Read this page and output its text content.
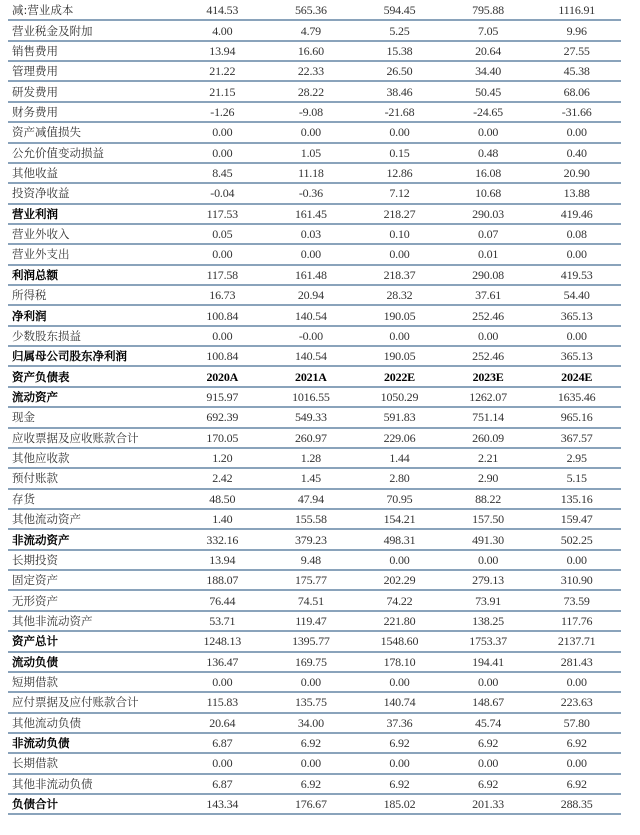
减:营业成本	414.53	565.36	594.45	795.88	1116.91
营业税金及附加	4.00	4.79	5.25	7.05	9.96
销售费用	13.94	16.60	15.38	20.64	27.55
管理费用	21.22	22.33	26.50	34.40	45.38
研发费用	21.15	28.22	38.46	50.45	68.06
财务费用	-1.26	-9.08	-21.68	-24.65	-31.66
资产减值损失	0.00	0.00	0.00	0.00	0.00
公允价值变动损益	0.00	1.05	0.15	0.48	0.40
其他收益	8.45	11.18	12.86	16.08	20.90
投资净收益	-0.04	-0.36	7.12	10.68	13.88
营业利润	117.53	161.45	218.27	290.03	419.46
营业外收入	0.05	0.03	0.10	0.07	0.08
营业外支出	0.00	0.00	0.00	0.01	0.00
利润总额	117.58	161.48	218.37	290.08	419.53
所得税	16.73	20.94	28.32	37.61	54.40
净利润	100.84	140.54	190.05	252.46	365.13
少数股东损益	0.00	-0.00	0.00	0.00	0.00
归属母公司股东净利润	100.84	140.54	190.05	252.46	365.13
资产负债表	2020A	2021A	2022E	2023E	2024E
流动资产	915.97	1016.55	1050.29	1262.07	1635.46
现金	692.39	549.33	591.83	751.14	965.16
应收票据及应收账款合计	170.05	260.97	229.06	260.09	367.57
其他应收款	1.20	1.28	1.44	2.21	2.95
预付账款	2.42	1.45	2.80	2.90	5.15
存货	48.50	47.94	70.95	88.22	135.16
其他流动资产	1.40	155.58	154.21	157.50	159.47
非流动资产	332.16	379.23	498.31	491.30	502.25
长期投资	13.94	9.48	0.00	0.00	0.00
固定资产	188.07	175.77	202.29	279.13	310.90
无形资产	76.44	74.51	74.22	73.91	73.59
其他非流动资产	53.71	119.47	221.80	138.25	117.76
资产总计	1248.13	1395.77	1548.60	1753.37	2137.71
流动负债	136.47	169.75	178.10	194.41	281.43
短期借款	0.00	0.00	0.00	0.00	0.00
应付票据及应付账款合计	115.83	135.75	140.74	148.67	223.63
其他流动负债	20.64	34.00	37.36	45.74	57.80
非流动负债	6.87	6.92	6.92	6.92	6.92
长期借款	0.00	0.00	0.00	0.00	0.00
其他非流动负债	6.87	6.92	6.92	6.92	6.92
负债合计	143.34	176.67	185.02	201.33	288.35
